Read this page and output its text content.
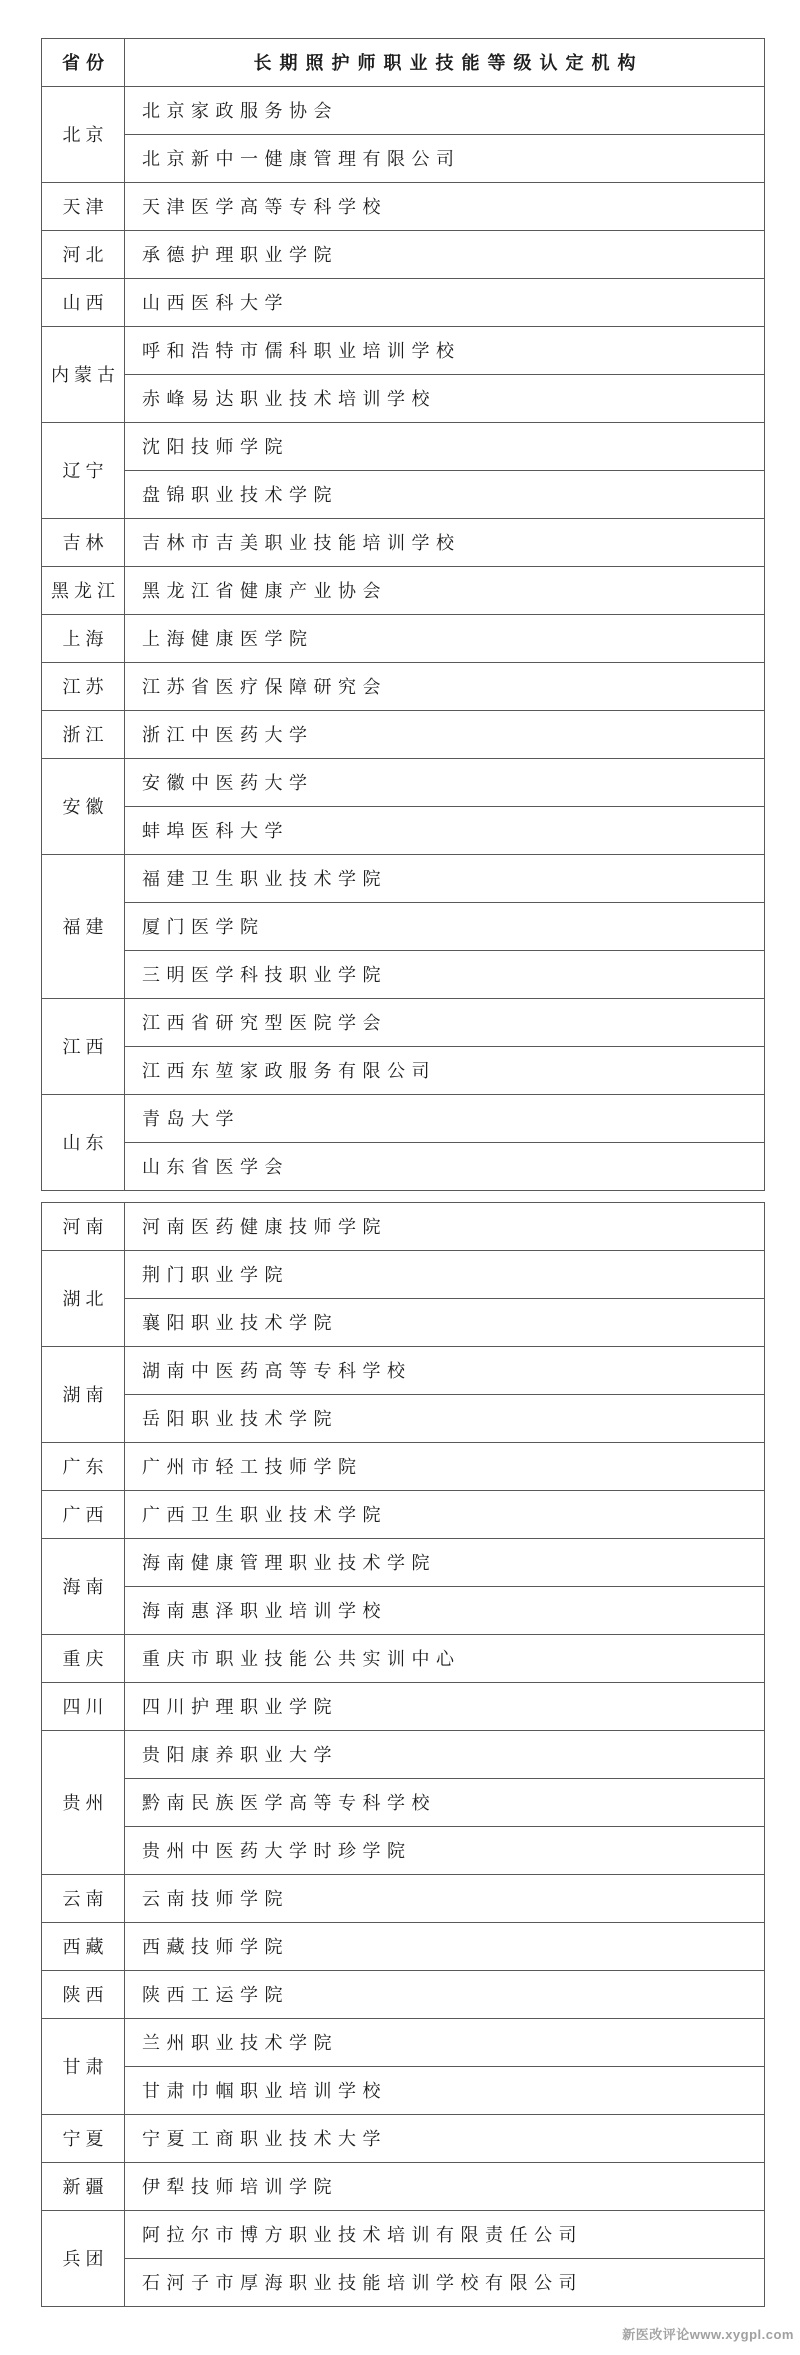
省份	长期照护师职业技能等级认定机构
北京	北京家政服务协会
	北京新中一健康管理有限公司
天津	天津医学高等专科学校
河北	承德护理职业学院
山西	山西医科大学
内蒙古	呼和浩特市儒科职业培训学校
	赤峰易达职业技术培训学校
辽宁	沈阳技师学院
	盘锦职业技术学院
吉林	吉林市吉美职业技能培训学校
黑龙江	黑龙江省健康产业协会
上海	上海健康医学院
江苏	江苏省医疗保障研究会
浙江	浙江中医药大学
安徽	安徽中医药大学
	蚌埠医科大学
福建	福建卫生职业技术学院
	厦门医学院
	三明医学科技职业学院
江西	江西省研究型医院学会
	江西东堃家政服务有限公司
山东	青岛大学
	山东省医学会
河南	河南医药健康技师学院
湖北	荆门职业学院
	襄阳职业技术学院
湖南	湖南中医药高等专科学校
	岳阳职业技术学院
广东	广州市轻工技师学院
广西	广西卫生职业技术学院
海南	海南健康管理职业技术学院
	海南惠泽职业培训学校
重庆	重庆市职业技能公共实训中心
四川	四川护理职业学院
贵州	贵阳康养职业大学
	黔南民族医学高等专科学校
	贵州中医药大学时珍学院
云南	云南技师学院
西藏	西藏技师学院
陕西	陕西工运学院
甘肃	兰州职业技术学院
	甘肃巾帼职业培训学校
宁夏	宁夏工商职业技术大学
新疆	伊犁技师培训学院
兵团	阿拉尔市博方职业技术培训有限责任公司
	石河子市厚海职业技能培训学校有限公司
新医改评论www.xygpl.com
